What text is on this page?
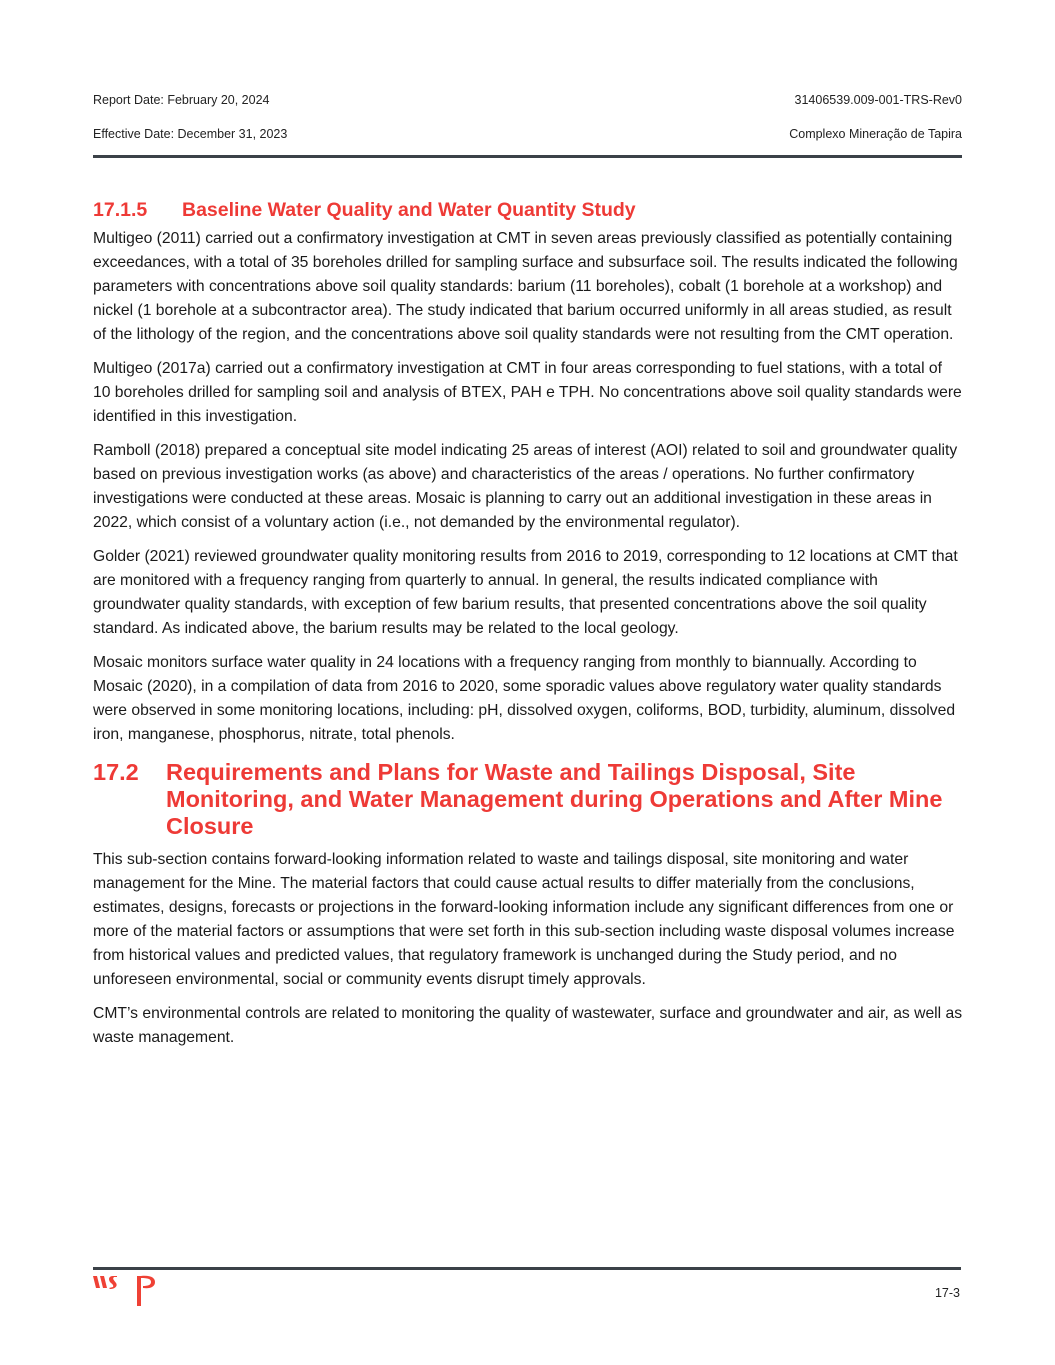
Report Date: February 20, 2024	31406539.009-001-TRS-Rev0
Effective Date: December 31, 2023	Complexo Mineração de Tapira
17.1.5	Baseline Water Quality and Water Quantity Study

Multigeo (2011) carried out a confirmatory investigation at CMT in seven areas previously classified as potentially containing exceedances, with a total of 35 boreholes drilled for sampling surface and subsurface soil. The results indicated the following parameters with concentrations above soil quality standards: barium (11 boreholes), cobalt (1 borehole at a workshop) and nickel (1 borehole at a subcontractor area). The study indicated that barium occurred uniformly in all areas studied, as result of the lithology of the region, and the concentrations above soil quality standards were not resulting from the CMT operation.

Multigeo (2017a) carried out a confirmatory investigation at CMT in four areas corresponding to fuel stations, with a total of 10 boreholes drilled for sampling soil and analysis of BTEX, PAH e TPH. No concentrations above soil quality standards were identified in this investigation.

Ramboll (2018) prepared a conceptual site model indicating 25 areas of interest (AOI) related to soil and groundwater quality based on previous investigation works (as above) and characteristics of the areas / operations. No further confirmatory investigations were conducted at these areas. Mosaic is planning to carry out an additional investigation in these areas in 2022, which consist of a voluntary action (i.e., not demanded by the environmental regulator).

Golder (2021) reviewed groundwater quality monitoring results from 2016 to 2019, corresponding to 12 locations at CMT that are monitored with a frequency ranging from quarterly to annual. In general, the results indicated compliance with groundwater quality standards, with exception of few barium results, that presented concentrations above the soil quality standard. As indicated above, the barium results may be related to the local geology.

Mosaic monitors surface water quality in 24 locations with a frequency ranging from monthly to biannually. According to Mosaic (2020), in a compilation of data from 2016 to 2020, some sporadic values above regulatory water quality standards were observed in some monitoring locations, including: pH, dissolved oxygen, coliforms, BOD, turbidity, aluminum, dissolved iron, manganese, phosphorus, nitrate, total phenols.

17.2	Requirements and Plans for Waste and Tailings Disposal, Site Monitoring, and Water Management during Operations and After Mine Closure

This sub-section contains forward-looking information related to waste and tailings disposal, site monitoring and water management for the Mine. The material factors that could cause actual results to differ materially from the conclusions, estimates, designs, forecasts or projections in the forward-looking information include any significant differences from one or more of the material factors or assumptions that were set forth in this sub-section including waste disposal volumes increase from historical values and predicted values, that regulatory framework is unchanged during the Study period, and no unforeseen environmental, social or community events disrupt timely approvals.

CMT’s environmental controls are related to monitoring the quality of wastewater, surface and groundwater and air, as well as waste management.

17-3
